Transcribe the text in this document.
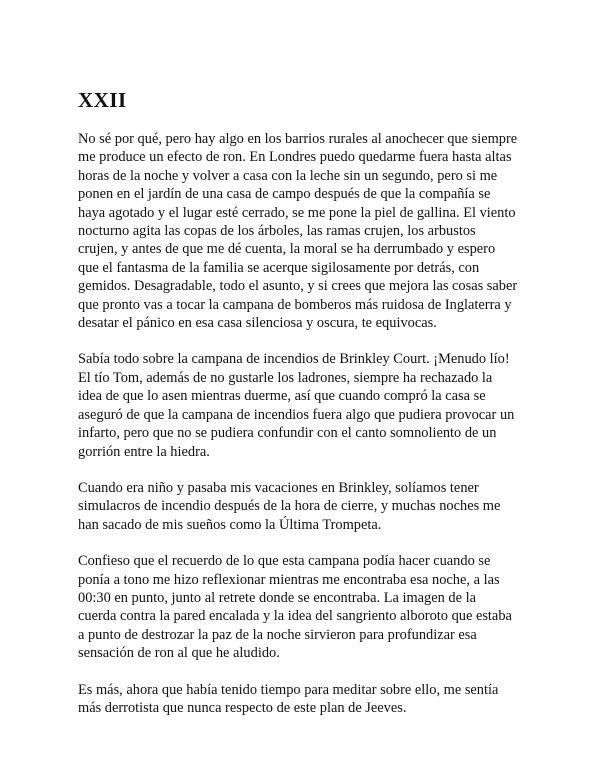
XXII

No sé por qué, pero hay algo en los barrios rurales al anochecer que siempre
me produce un efecto de ron. En Londres puedo quedarme fuera hasta altas
horas de la noche y volver a casa con la leche sin un segundo, pero si me
ponen en el jardín de una casa de campo después de que la compañía se
haya agotado y el lugar esté cerrado, se me pone la piel de gallina. El viento
nocturno agita las copas de los árboles, las ramas crujen, los arbustos
crujen, y antes de que me dé cuenta, la moral se ha derrumbado y espero
que el fantasma de la familia se acerque sigilosamente por detrás, con
gemidos. Desagradable, todo el asunto, y si crees que mejora las cosas saber
que pronto vas a tocar la campana de bomberos más ruidosa de Inglaterra y
desatar el pánico en esa casa silenciosa y oscura, te equivocas.

Sabía todo sobre la campana de incendios de Brinkley Court. ¡Menudo lío!
El tío Tom, además de no gustarle los ladrones, siempre ha rechazado la
idea de que lo asen mientras duerme, así que cuando compró la casa se
aseguró de que la campana de incendios fuera algo que pudiera provocar un
infarto, pero que no se pudiera confundir con el canto somnoliento de un
gorrión entre la hiedra.

Cuando era niño y pasaba mis vacaciones en Brinkley, solíamos tener
simulacros de incendio después de la hora de cierre, y muchas noches me
han sacado de mis sueños como la Última Trompeta.

Confieso que el recuerdo de lo que esta campana podía hacer cuando se
ponía a tono me hizo reflexionar mientras me encontraba esa noche, a las
00:30 en punto, junto al retrete donde se encontraba. La imagen de la
cuerda contra la pared encalada y la idea del sangriento alboroto que estaba
a punto de destrozar la paz de la noche sirvieron para profundizar esa
sensación de ron al que he aludido.

Es más, ahora que había tenido tiempo para meditar sobre ello, me sentía
más derrotista que nunca respecto de este plan de Jeeves.
